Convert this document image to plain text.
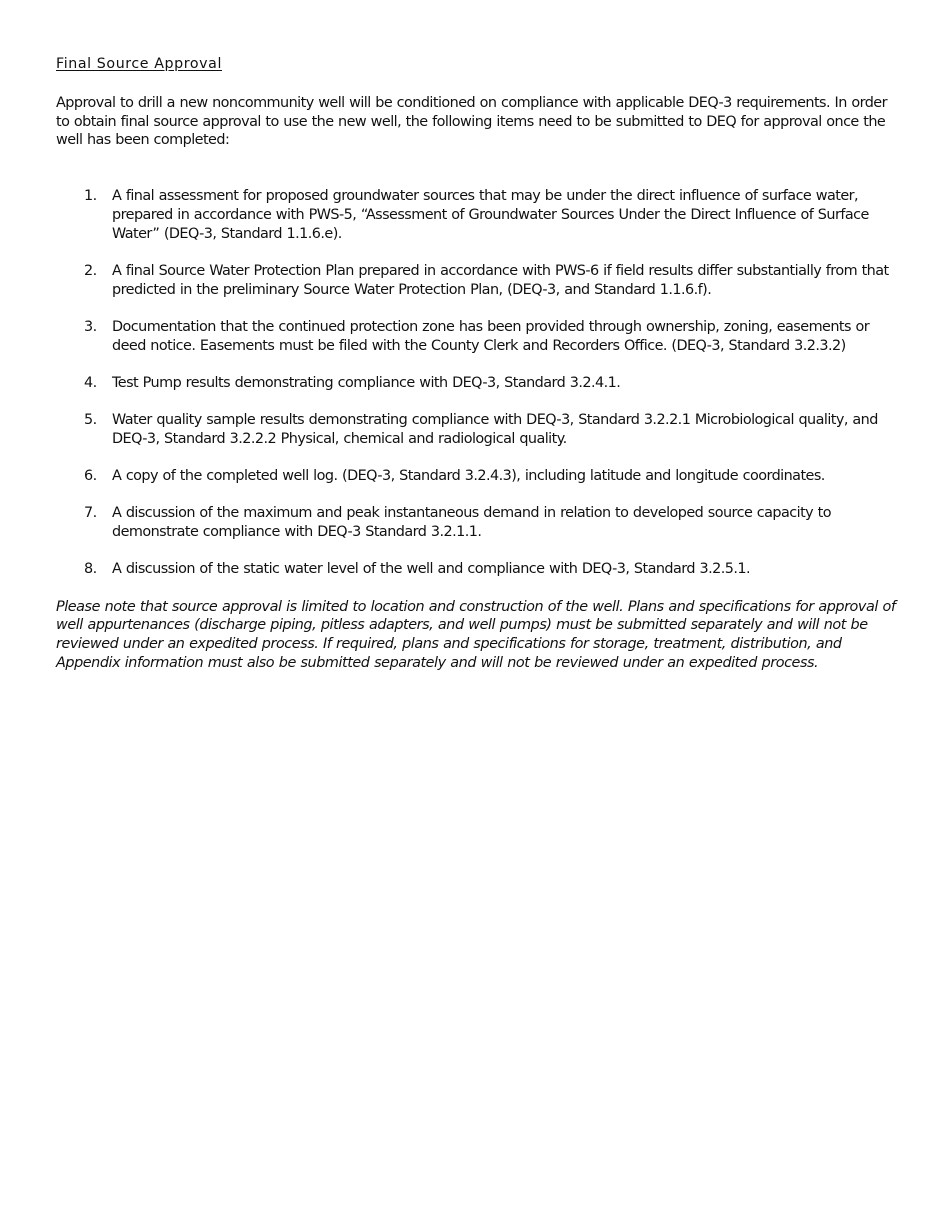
Final Source Approval

Approval to drill a new noncommunity well will be conditioned on compliance with applicable DEQ-3 requirements. In order to obtain final source approval to use the new well, the following items need to be submitted to DEQ for approval once the well has been completed:

1.	A final assessment for proposed groundwater sources that may be under the direct influence of surface water, prepared in accordance with PWS-5, “Assessment of Groundwater Sources Under the Direct Influence of Surface Water” (DEQ-3, Standard 1.1.6.e).
2.	A final Source Water Protection Plan prepared in accordance with PWS-6 if field results differ substantially from that predicted in the preliminary Source Water Protection Plan, (DEQ-3, and Standard 1.1.6.f).
3.	Documentation that the continued protection zone has been provided through ownership, zoning, easements or deed notice. Easements must be filed with the County Clerk and Recorders Office. (DEQ-3, Standard 3.2.3.2)
4.	Test Pump results demonstrating compliance with DEQ-3, Standard 3.2.4.1.
5.	Water quality sample results demonstrating compliance with DEQ-3, Standard 3.2.2.1 Microbiological quality, and DEQ-3, Standard 3.2.2.2 Physical, chemical and radiological quality.
6.	A copy of the completed well log. (DEQ-3, Standard 3.2.4.3), including latitude and longitude coordinates.
7.	A discussion of the maximum and peak instantaneous demand in relation to developed source capacity to demonstrate compliance with DEQ-3 Standard 3.2.1.1.
8.	A discussion of the static water level of the well and compliance with DEQ-3, Standard 3.2.5.1.

Please note that source approval is limited to location and construction of the well. Plans and specifications for approval of well appurtenances (discharge piping, pitless adapters, and well pumps) must be submitted separately and will not be reviewed under an expedited process. If required, plans and specifications for storage, treatment, distribution, and Appendix information must also be submitted separately and will not be reviewed under an expedited process.
